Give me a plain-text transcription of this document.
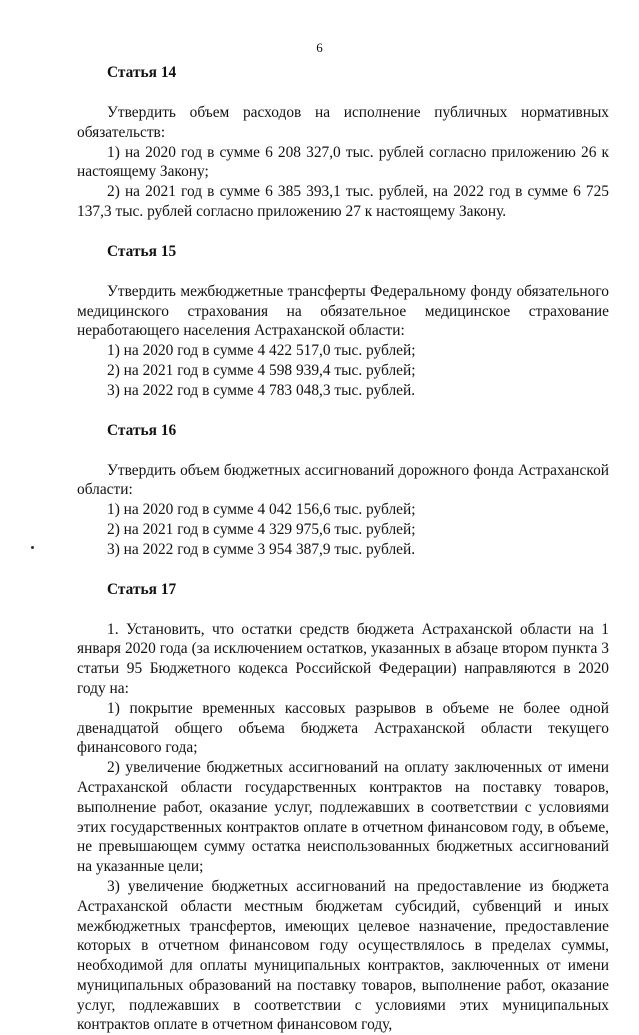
6
Статья 14
Утвердить объем расходов на исполнение публичных нормативных обязательств:
1) на 2020 год в сумме 6 208 327,0 тыс. рублей согласно приложению 26 к настоящему Закону;
2) на 2021 год в сумме 6 385 393,1 тыс. рублей, на 2022 год в сумме 6 725 137,3 тыс. рублей согласно приложению 27 к настоящему Закону.
Статья 15
Утвердить межбюджетные трансферты Федеральному фонду обязательного медицинского страхования на обязательное медицинское страхование неработающего населения Астраханской области:
1) на 2020 год в сумме 4 422 517,0 тыс. рублей;
2) на 2021 год в сумме 4 598 939,4 тыс. рублей;
3) на 2022 год в сумме 4 783 048,3 тыс. рублей.
Статья 16
Утвердить объем бюджетных ассигнований дорожного фонда Астраханской области:
1) на 2020 год в сумме 4 042 156,6 тыс. рублей;
2) на 2021 год в сумме 4 329 975,6 тыс. рублей;
3) на 2022 год в сумме 3 954 387,9 тыс. рублей.
Статья 17
1. Установить, что остатки средств бюджета Астраханской области на 1 января 2020 года (за исключением остатков, указанных в абзаце втором пункта 3 статьи 95 Бюджетного кодекса Российской Федерации) направляются в 2020 году на:
1) покрытие временных кассовых разрывов в объеме не более одной двенадцатой общего объема бюджета Астраханской области текущего финансового года;
2) увеличение бюджетных ассигнований на оплату заключенных от имени Астраханской области государственных контрактов на поставку товаров, выполнение работ, оказание услуг, подлежавших в соответствии с условиями этих государственных контрактов оплате в отчетном финансовом году, в объеме, не превышающем сумму остатка неиспользованных бюджетных ассигнований на указанные цели;
3) увеличение бюджетных ассигнований на предоставление из бюджета Астраханской области местным бюджетам субсидий, субвенций и иных межбюджетных трансфертов, имеющих целевое назначение, предоставление которых в отчетном финансовом году осуществлялось в пределах суммы, необходимой для оплаты муниципальных контрактов, заключенных от имени муниципальных образований на поставку товаров, выполнение работ, оказание услуг, подлежавших в соответствии с условиями этих муниципальных контрактов оплате в отчетном финансовом году,
